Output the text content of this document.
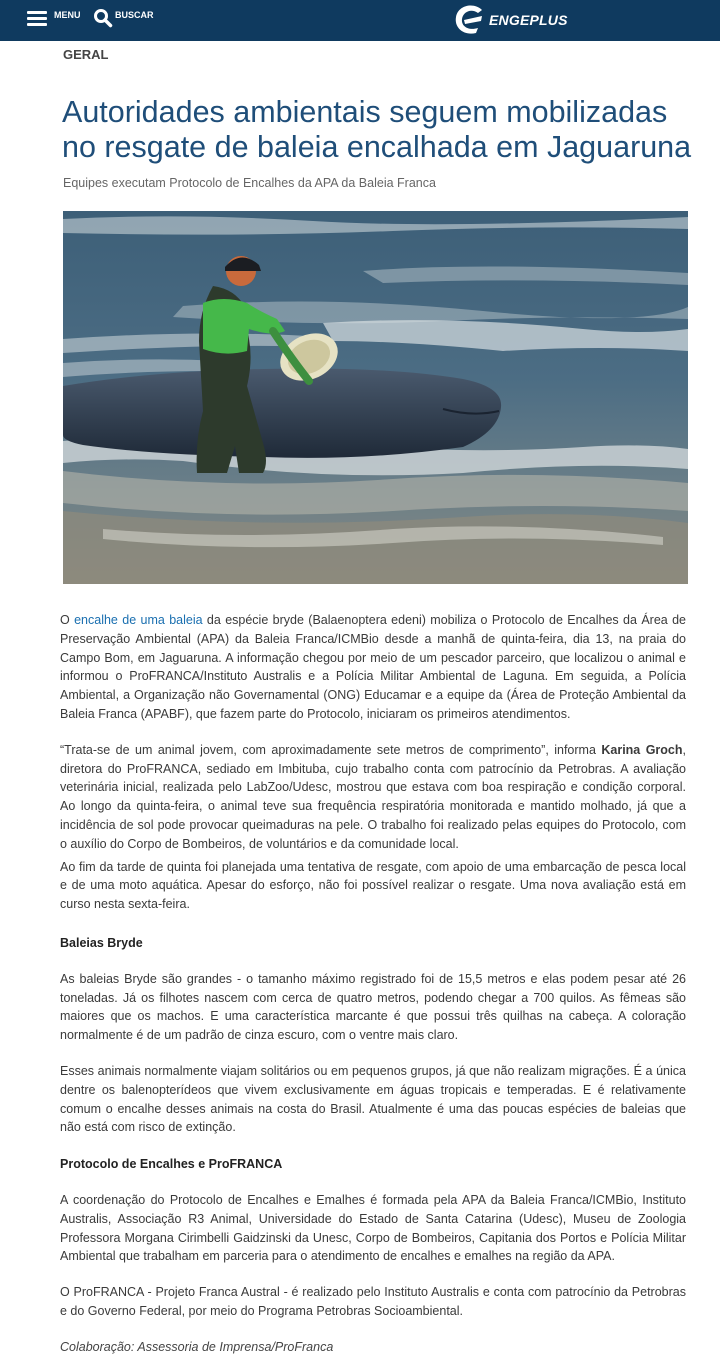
MENU	BUSCAR	ENGEPLUS
GERAL
Autoridades ambientais seguem mobilizadas no resgate de baleia encalhada em Jaguaruna
Equipes executam Protocolo de Encalhes da APA da Baleia Franca

O encalhe de uma baleia da espécie bryde (Balaenoptera edeni) mobiliza o Protocolo de Encalhes da Área de Preservação Ambiental (APA) da Baleia Franca/ICMBio desde a manhã de quinta-feira, dia 13, na praia do Campo Bom, em Jaguaruna. A informação chegou por meio de um pescador parceiro, que localizou o animal e informou o ProFRANCA/Instituto Australis e a Polícia Militar Ambiental de Laguna. Em seguida, a Polícia Ambiental, a Organização não Governamental (ONG) Educamar e a equipe da (Área de Proteção Ambiental da Baleia Franca (APABF), que fazem parte do Protocolo, iniciaram os primeiros atendimentos.

“Trata-se de um animal jovem, com aproximadamente sete metros de comprimento”, informa Karina Groch, diretora do ProFRANCA, sediado em Imbituba, cujo trabalho conta com patrocínio da Petrobras. A avaliação veterinária inicial, realizada pelo LabZoo/Udesc, mostrou que estava com boa respiração e condição corporal. Ao longo da quinta-feira, o animal teve sua frequência respiratória monitorada e mantido molhado, já que a incidência de sol pode provocar queimaduras na pele. O trabalho foi realizado pelas equipes do Protocolo, com o auxílio do Corpo de Bombeiros, de voluntários e da comunidade local.

Ao fim da tarde de quinta foi planejada uma tentativa de resgate, com apoio de uma embarcação de pesca local e de uma moto aquática. Apesar do esforço, não foi possível realizar o resgate. Uma nova avaliação está em curso nesta sexta-feira.

Baleias Bryde

As baleias Bryde são grandes - o tamanho máximo registrado foi de 15,5 metros e elas podem pesar até 26 toneladas. Já os filhotes nascem com cerca de quatro metros, podendo chegar a 700 quilos. As fêmeas são maiores que os machos. E uma característica marcante é que possui três quilhas na cabeça. A coloração normalmente é de um padrão de cinza escuro, com o ventre mais claro.

Esses animais normalmente viajam solitários ou em pequenos grupos, já que não realizam migrações. É a única dentre os balenopterídeos que vivem exclusivamente em águas tropicais e temperadas. E é relativamente comum o encalhe desses animais na costa do Brasil. Atualmente é uma das poucas espécies de baleias que não está com risco de extinção.

Protocolo de Encalhes e ProFRANCA

A coordenação do Protocolo de Encalhes e Emalhes é formada pela APA da Baleia Franca/ICMBio, Instituto Australis, Associação R3 Animal, Universidade do Estado de Santa Catarina (Udesc), Museu de Zoologia Professora Morgana Cirimbelli Gaidzinski da Unesc, Corpo de Bombeiros, Capitania dos Portos e Polícia Militar Ambiental que trabalham em parceria para o atendimento de encalhes e emalhes na região da APA.

O ProFRANCA - Projeto Franca Austral - é realizado pelo Instituto Australis e conta com patrocínio da Petrobras e do Governo Federal, por meio do Programa Petrobras Socioambiental.

Colaboração: Assessoria de Imprensa/ProFranca
